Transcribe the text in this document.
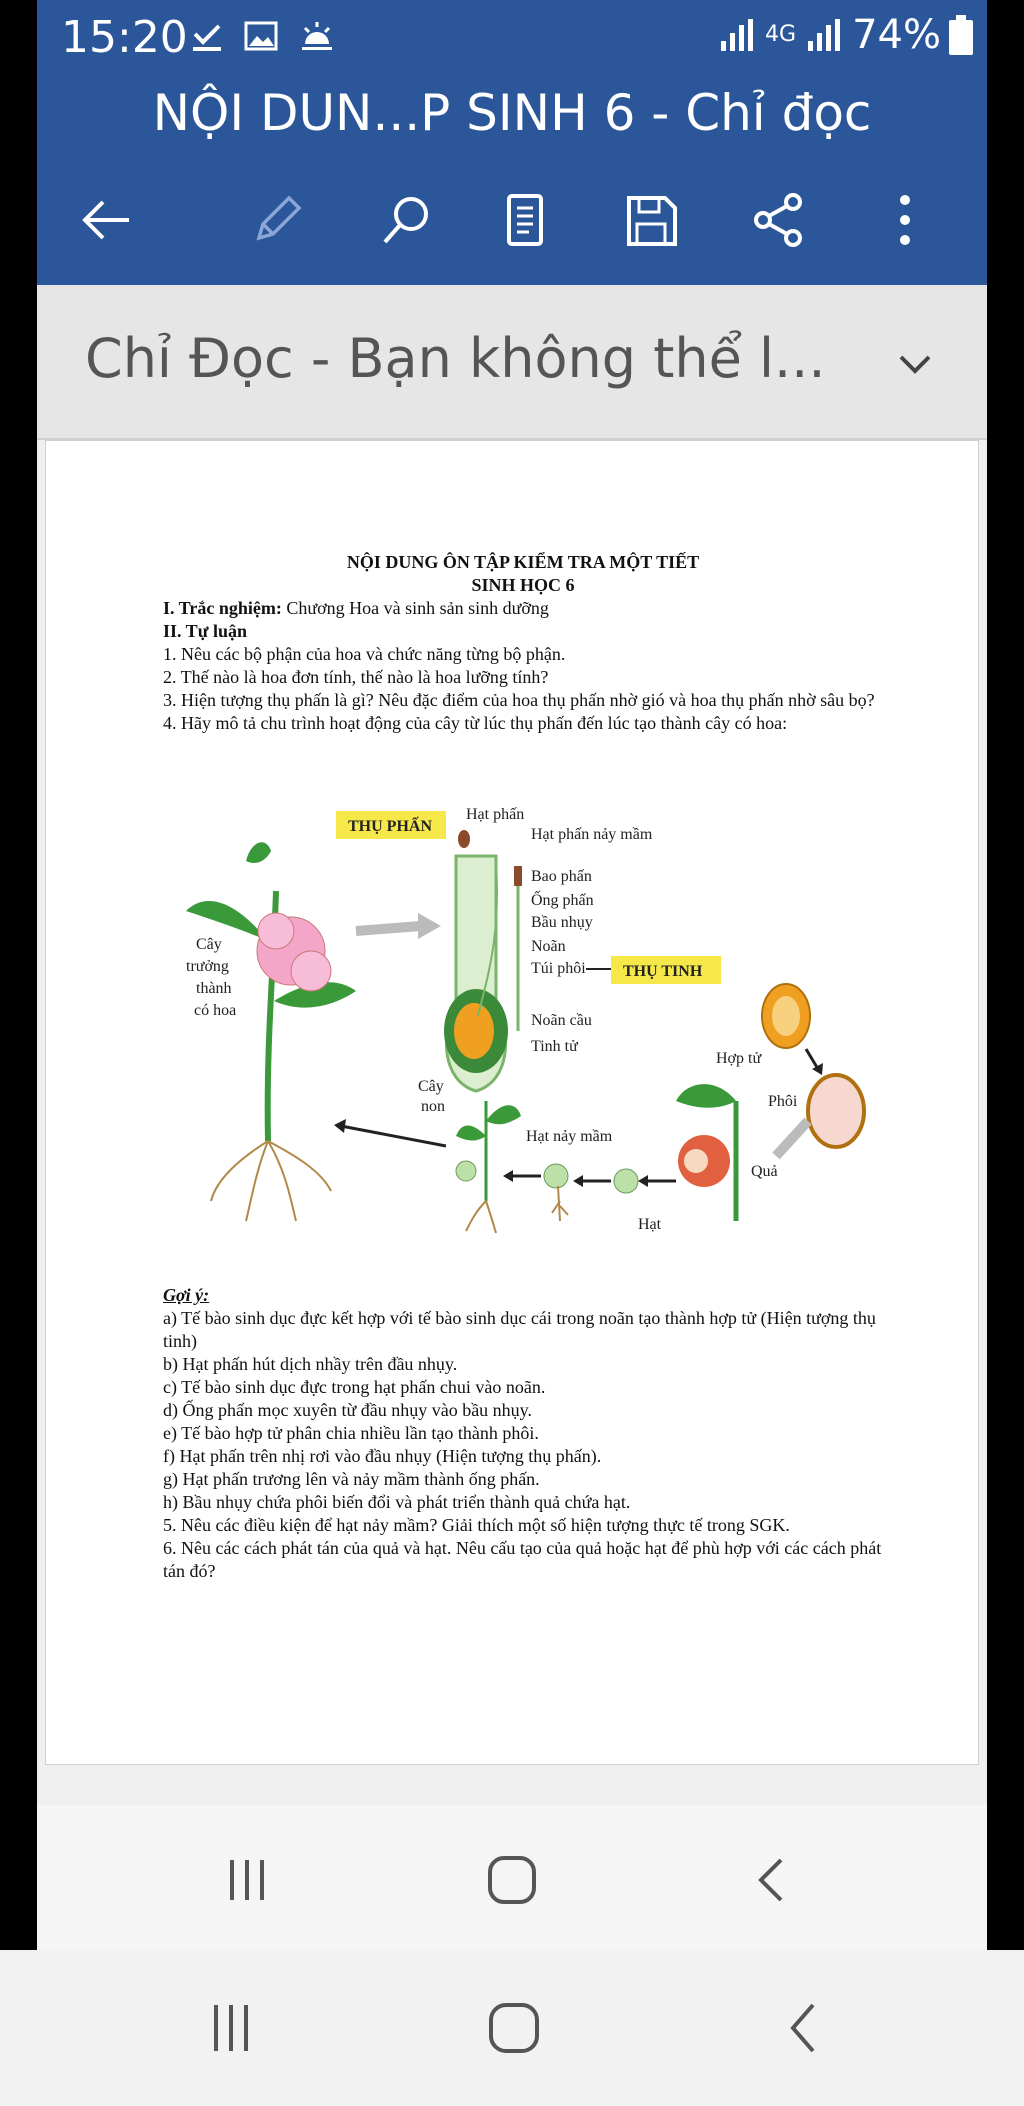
15:20	4G 74%
NỘI DUN...P SINH 6 - Chỉ đọc
Chỉ Đọc - Bạn không thể l...

NỘI DUNG ÔN TẬP KIỂM TRA MỘT TIẾT

SINH HỌC 6

I. Trắc nghiệm: Chương Hoa và sinh sản sinh dưỡng

II. Tự luận

1. Nêu các bộ phận của hoa và chức năng từng bộ phận.

2. Thế nào là hoa đơn tính, thế nào là hoa lưỡng tính?

3. Hiện tượng thụ phấn là gì? Nêu đặc điểm của hoa thụ phấn nhờ gió và hoa thụ phấn nhờ sâu bọ?

4. Hãy mô tả chu trình hoạt động của cây từ lúc thụ phấn đến lúc tạo thành cây có hoa:

Cây
trưởng
thành
có hoa
THỤ PHẤN
Hạt phấn
Hạt phấn nảy mầm
Bao phấn
Ống phấn
Bầu nhụy
Noãn
Túi phôi
Noãn cầu
Tinh tử
THỤ TINH
Hợp tử
Phôi
Quả
Hạt
Hạt nảy mầm
Cây
non

Gợi ý:

a) Tế bào sinh dục đực kết hợp với tế bào sinh dục cái trong noãn tạo thành hợp tử (Hiện tượng thụ tinh)

b) Hạt phấn hút dịch nhầy trên đầu nhụy.

c) Tế bào sinh dục đực trong hạt phấn chui vào noãn.

d) Ống phấn mọc xuyên từ đầu nhụy vào bầu nhụy.

e) Tế bào hợp tử phân chia nhiều lần tạo thành phôi.

f) Hạt phấn trên nhị rơi vào đầu nhụy (Hiện tượng thụ phấn).

g) Hạt phấn trương lên và nảy mầm thành ống phấn.

h) Bầu nhụy chứa phôi biến đổi và phát triển thành quả chứa hạt.

5. Nêu các điều kiện để hạt nảy mầm? Giải thích một số hiện tượng thực tế trong SGK.

6. Nêu các cách phát tán của quả và hạt. Nêu cấu tạo của quả hoặc hạt để phù hợp với các cách phát tán đó?
